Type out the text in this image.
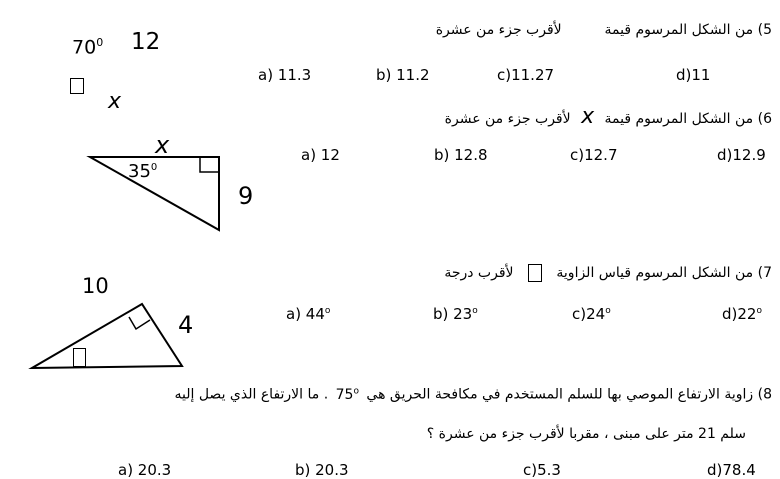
5) من الشكل المرسوم قيمة  لأقرب جزء من عشرة
$70^0$ 12
x
a) 11.3	b) 11.2	c)11.27	d)11
6) من الشكل المرسوم قيمة x لأقرب جزء من عشرة
x
$35^0$
9
a) 12	b) 12.8	c)12.7	d)12.9
7) من الشكل المرسوم قياس الزاوية  لأقرب درجة
10
4	a) 44$^o$	b) 23$^o$	c)24$^o$	d)22$^o$
8) زاوية الارتفاع الموصي بها للسلم المستخدم في مكافحة الحريق هي 75$^o$ . ما الارتفاع الذي يصل إليه
سلم 21 متر على مبنى ، مقربا لأقرب جزء من عشرة ؟
a) 20.3	b) 20.3	c)5.3	d)78.4
